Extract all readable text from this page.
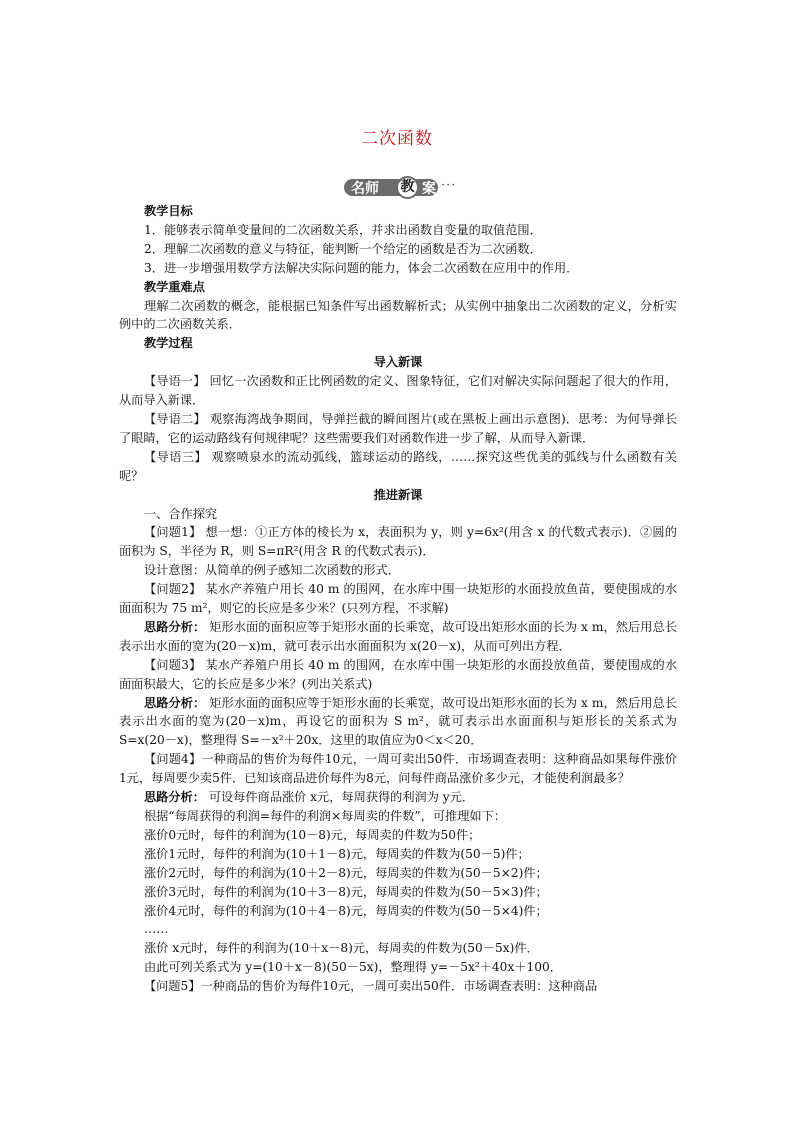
二次函数
名师	教 案 ···

教学目标

1．能够表示简单变量间的二次函数关系，并求出函数自变量的取值范围．

2．理解二次函数的意义与特征，能判断一个给定的函数是否为二次函数．

3．进一步增强用数学方法解决实际问题的能力，体会二次函数在应用中的作用．

教学重难点

理解二次函数的概念，能根据已知条件写出函数解析式；从实例中抽象出二次函数的定义，分析实例中的二次函数关系．

教学过程

导入新课

【导语一】 回忆一次函数和正比例函数的定义、图象特征，它们对解决实际问题起了很大的作用，从而导入新课．

【导语二】 观察海湾战争期间，导弹拦截的瞬间图片(或在黑板上画出示意图)．思考：为何导弹长了眼睛，它的运动路线有何规律呢？这些需要我们对函数作进一步了解，从而导入新课．

【导语三】 观察喷泉水的流动弧线，篮球运动的路线，……探究这些优美的弧线与什么函数有关呢？

推进新课

一、合作探究

【问题1】 想一想：①正方体的棱长为 x，表面积为 y，则 y=6x²(用含 x 的代数式表示)．②圆的面积为 S，半径为 R，则 S=πR²(用含 R 的代数式表示)．

设计意图：从简单的例子感知二次函数的形式．

【问题2】 某水产养殖户用长 40 m 的围网，在水库中围一块矩形的水面投放鱼苗，要使围成的水面面积为 75 m²，则它的长应是多少米？(只列方程，不求解)

思路分析： 矩形水面的面积应等于矩形水面的长乘宽，故可设出矩形水面的长为 x m，然后用总长表示出水面的宽为(20－x)m，就可表示出水面面积为 x(20－x)，从而可列出方程．

【问题3】 某水产养殖户用长 40 m 的围网，在水库中围一块矩形的水面投放鱼苗，要使围成的水面面积最大，它的长应是多少米？(列出关系式)

思路分析： 矩形水面的面积应等于矩形水面的长乘宽，故可设出矩形水面的长为 x m，然后用总长表示出水面的宽为(20－x)m，再设它的面积为 S m²，就可表示出水面面积与矩形长的关系式为 S=x(20－x)，整理得 S=－x²＋20x．这里的取值应为0＜x＜20．

【问题4】一种商品的售价为每件10元，一周可卖出50件．市场调查表明：这种商品如果每件涨价1元，每周要少卖5件．已知该商品进价每件为8元，问每件商品涨价多少元，才能使利润最多？

思路分析： 可设每件商品涨价 x元，每周获得的利润为 y元．

根据“每周获得的利润=每件的利润×每周卖的件数”，可推理如下：

涨价0元时，每件的利润为(10－8)元，每周卖的件数为50件；

涨价1元时，每件的利润为(10＋1－8)元，每周卖的件数为(50－5)件；

涨价2元时，每件的利润为(10＋2－8)元，每周卖的件数为(50－5×2)件；

涨价3元时，每件的利润为(10＋3－8)元，每周卖的件数为(50－5×3)件；

涨价4元时，每件的利润为(10＋4－8)元，每周卖的件数为(50－5×4)件；

……

涨价 x元时，每件的利润为(10＋x－8)元，每周卖的件数为(50－5x)件．

由此可列关系式为 y=(10＋x－8)(50－5x)，整理得 y=－5x²＋40x＋100．

【问题5】一种商品的售价为每件10元，一周可卖出50件．市场调查表明：这种商品
